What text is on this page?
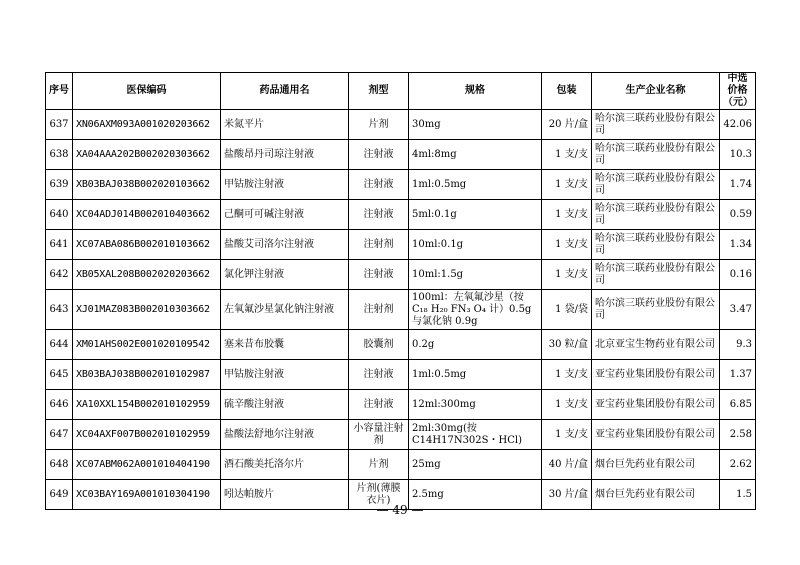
序号	医保编码	药品通用名	剂型	规格	包装	生产企业名称	中选价格（元）
637	XN06AXM093A001020203662	米氮平片	片剂	30mg	20 片/盒	哈尔滨三联药业股份有限公司	42.06
638	XA04AAA202B002020303662	盐酸昂丹司琼注射液	注射液	4ml:8mg	1 支/支	哈尔滨三联药业股份有限公司	10.3
639	XB03BAJ038B002020103662	甲钴胺注射液	注射液	1ml:0.5mg	1 支/支	哈尔滨三联药业股份有限公司	1.74
640	XC04ADJ014B002010403662	己酮可可碱注射液	注射液	5ml:0.1g	1 支/支	哈尔滨三联药业股份有限公司	0.59
641	XC07ABA086B002010103662	盐酸艾司洛尔注射液	注射剂	10ml:0.1g	1 支/支	哈尔滨三联药业股份有限公司	1.34
642	XB05XAL208B002020203662	氯化钾注射液	注射液	10ml:1.5g	1 支/支	哈尔滨三联药业股份有限公司	0.16
643	XJ01MAZ083B002010303662	左氧氟沙星氯化钠注射液	注射剂	100ml：左氧氟沙星（按 C₁₈ H₂₀ FN₃ O₄ 计）0.5g 与氯化钠 0.9g	1 袋/袋	哈尔滨三联药业股份有限公司	3.47
644	XM01AHS002E001020109542	塞来昔布胶囊	胶囊剂	0.2g	30 粒/盒	北京亚宝生物药业有限公司	9.3
645	XB03BAJ038B002010102987	甲钴胺注射液	注射液	1ml:0.5mg	1 支/支	亚宝药业集团股份有限公司	1.37
646	XA10XXL154B002010102959	硫辛酸注射液	注射液	12ml:300mg	1 支/支	亚宝药业集团股份有限公司	6.85
647	XC04AXF007B002010102959	盐酸法舒地尔注射液	小容量注射剂	2ml:30mg(按 C14H17N302S・HCl)	1 支/支	亚宝药业集团股份有限公司	2.58
648	XC07ABM062A001010404190	酒石酸美托洛尔片	片剂	25mg	40 片/盒	烟台巨先药业有限公司	2.62
649	XC03BAY169A001010304190	吲达帕胺片	片剂(薄膜衣片)	2.5mg	30 片/盒	烟台巨先药业有限公司	1.5
— 49 —
